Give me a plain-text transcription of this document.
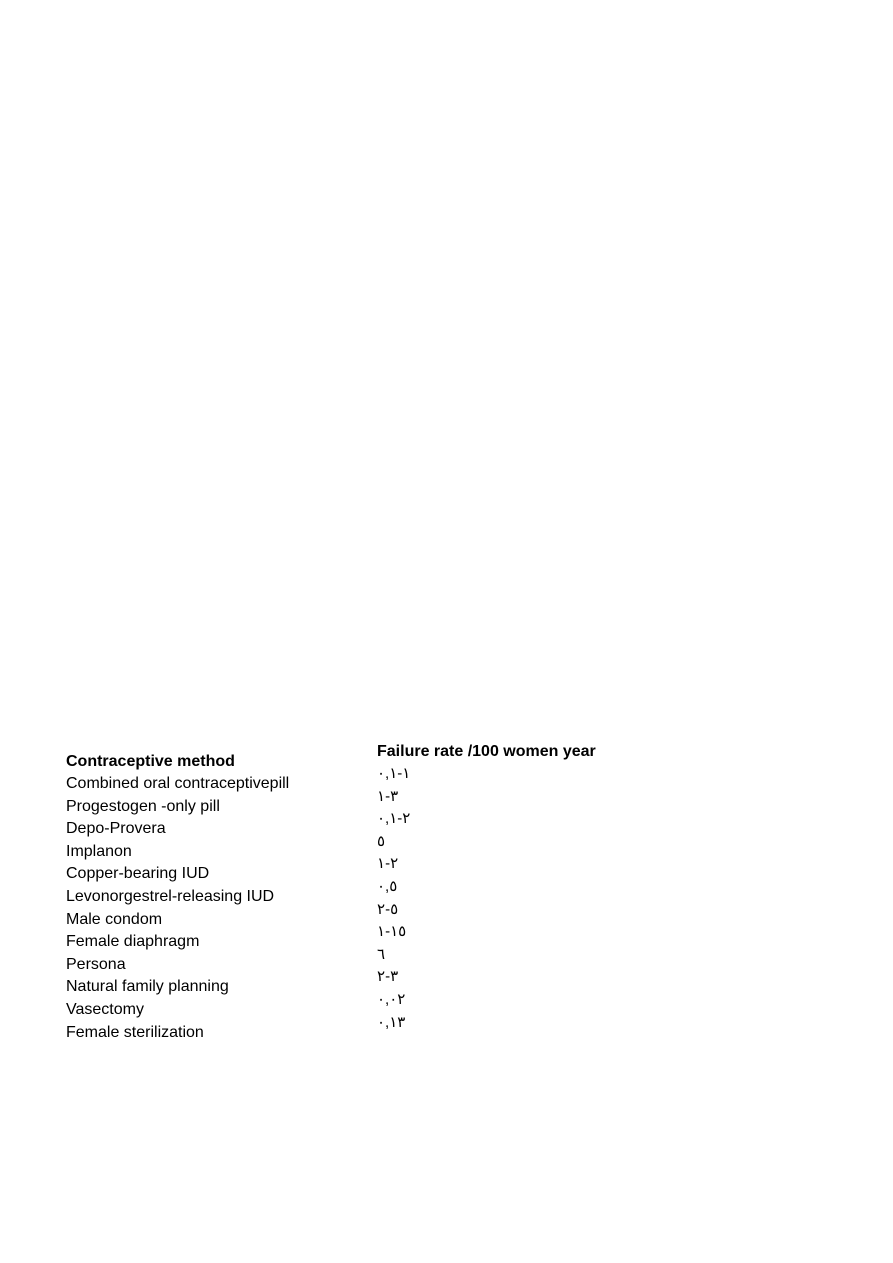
Contraceptive method
Combined oral contraceptivepill
Progestogen -only pill
Depo-Provera
Implanon
Copper-bearing IUD
Levonorgestrel-releasing IUD
Male condom
Female diaphragm
Persona
Natural family planning
Vasectomy
Female sterilization
Failure rate /100 women year
١-٠,١
٣-١
٢-٠,١
٥
٢-١
٠,٥
٥-٢
١٥-١
٦
٣-٢
٠,٠٢
٠,١٣
